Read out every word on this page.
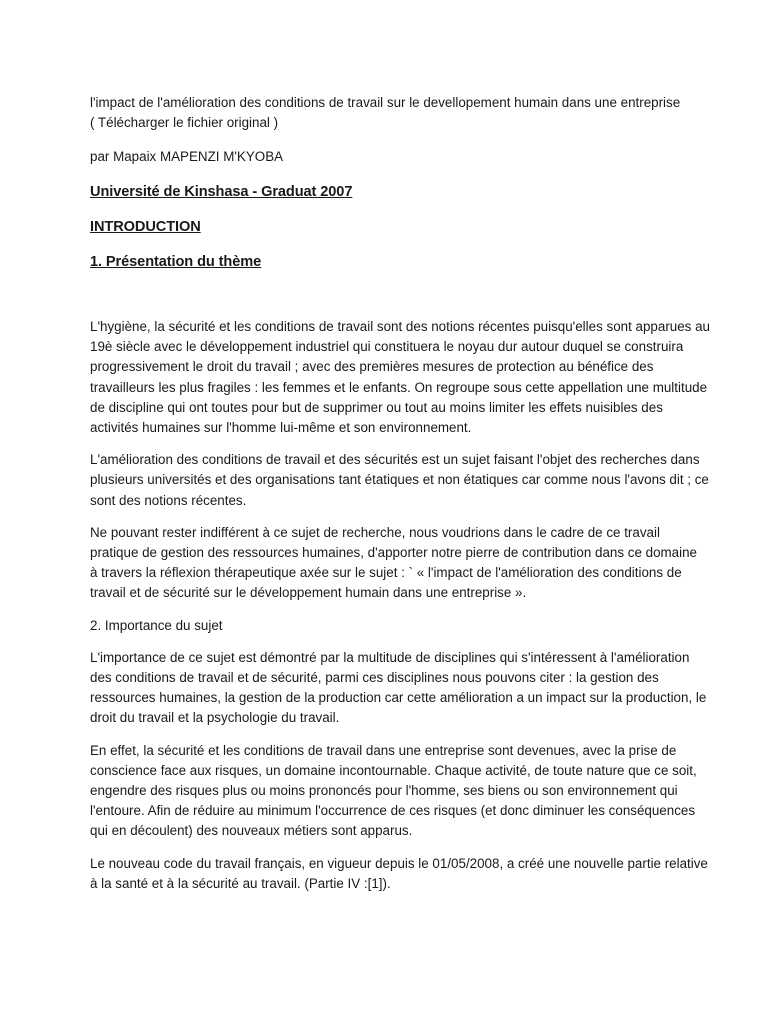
l'impact de l'amélioration des conditions de travail sur le devellopement humain dans une entreprise

( Télécharger le fichier original )

par Mapaix MAPENZI M'KYOBA

Université de Kinshasa - Graduat 2007

INTRODUCTION

1. Présentation du thème

L'hygiène, la sécurité et les conditions de travail sont des notions récentes puisqu'elles sont apparues au
19è siècle avec le développement industriel qui constituera le noyau dur autour duquel se construira
progressivement le droit du travail ; avec des premières mesures de protection au bénéfice des
travailleurs les plus fragiles : les femmes et le enfants. On regroupe sous cette appellation une multitude
de discipline qui ont toutes pour but de supprimer ou tout au moins limiter les effets nuisibles des
activités humaines sur l'homme lui-même et son environnement.
L'amélioration des conditions de travail et des sécurités est un sujet faisant l'objet des recherches dans
plusieurs universités et des organisations tant étatiques et non étatiques car comme nous l'avons dit ; ce
sont des notions récentes.
Ne pouvant rester indifférent à ce sujet de recherche, nous voudrions dans le cadre de ce travail
pratique de gestion des ressources humaines, d'apporter notre pierre de contribution dans ce domaine
à travers la réflexion thérapeutique axée sur le sujet : ` « l'impact de l'amélioration des conditions de
travail et de sécurité sur le développement humain dans une entreprise ».

2. Importance du sujet

L'importance de ce sujet est démontré par la multitude de disciplines qui s'intéressent à l'amélioration
des conditions de travail et de sécurité, parmi ces disciplines nous pouvons citer : la gestion des
ressources humaines, la gestion de la production car cette amélioration a un impact sur la production, le
droit du travail et la psychologie du travail.
En effet, la sécurité et les conditions de travail dans une entreprise sont devenues, avec la prise de
conscience face aux risques, un domaine incontournable. Chaque activité, de toute nature que ce soit,
engendre des risques plus ou moins prononcés pour l'homme, ses biens ou son environnement qui
l'entoure. Afin de réduire au minimum l'occurrence de ces risques (et donc diminuer les conséquences
qui en découlent) des nouveaux métiers sont apparus.
Le nouveau code du travail français, en vigueur depuis le 01/05/2008, a créé une nouvelle partie relative
à la santé et à la sécurité au travail. (Partie IV :[1]).
